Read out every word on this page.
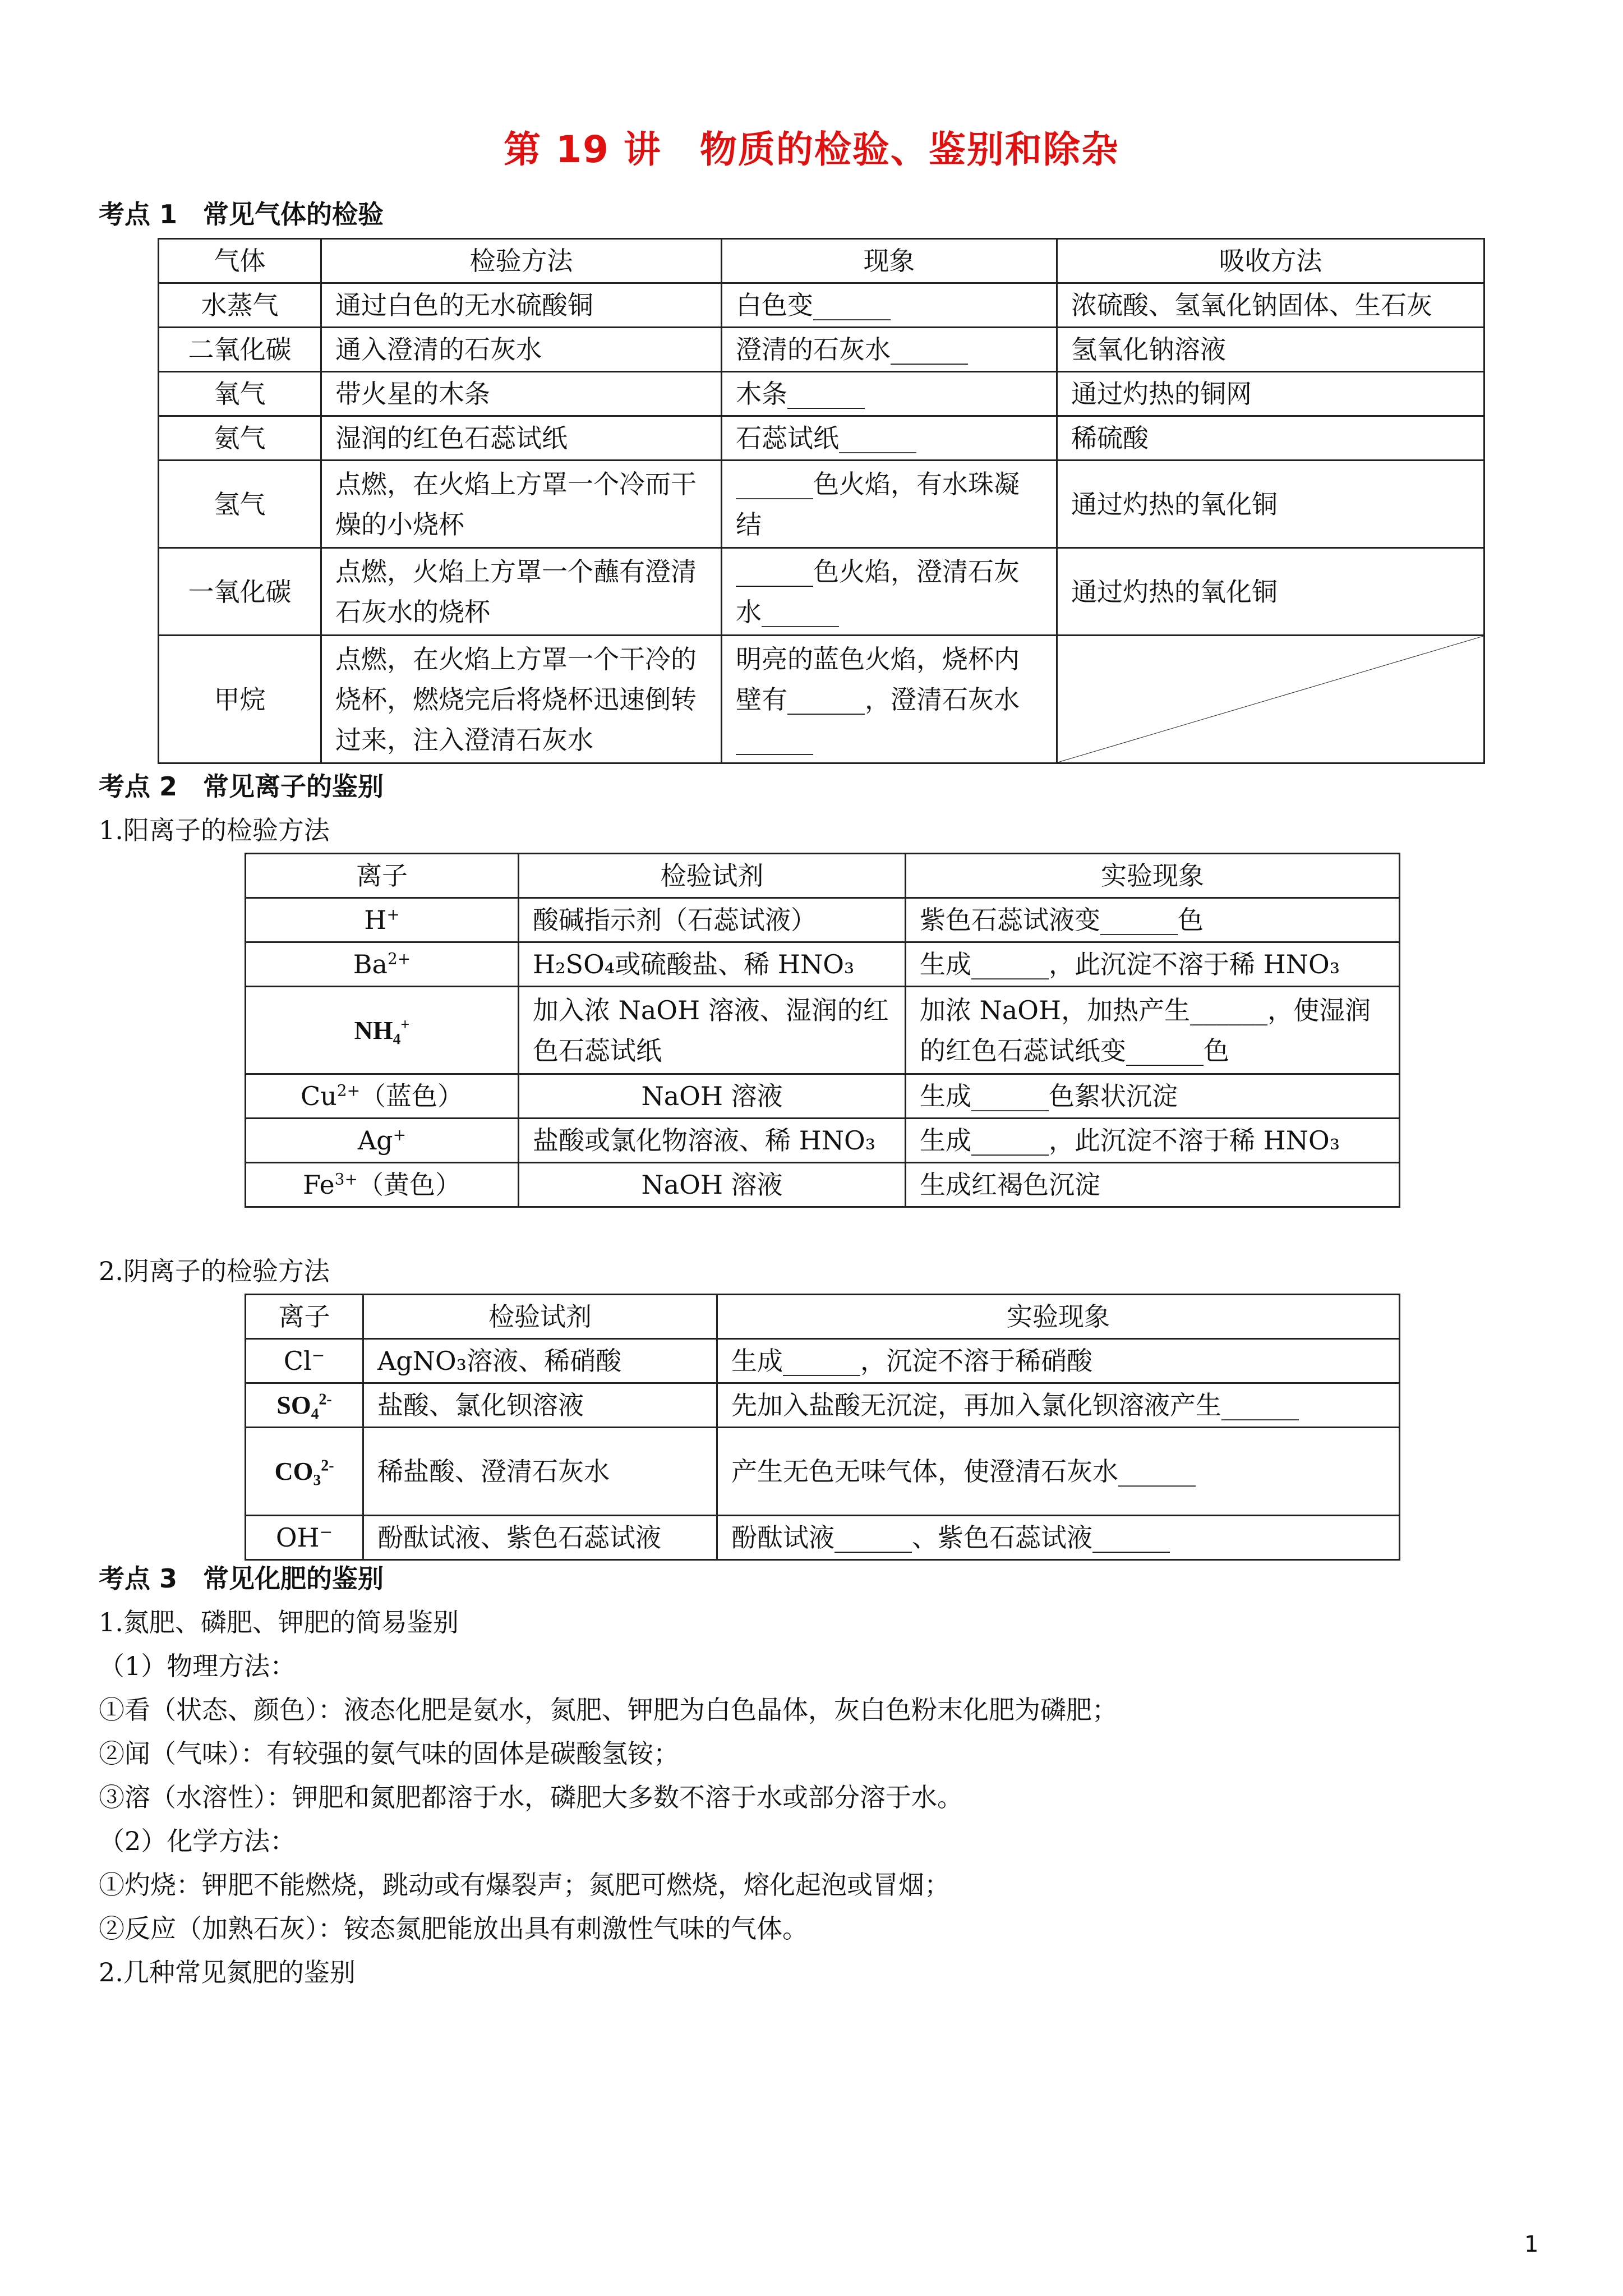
第 19 讲　物质的检验、鉴别和除杂
考点 1　常见气体的检验
气体	检验方法	现象	吸收方法
水蒸气	通过白色的无水硫酸铜	白色变______	浓硫酸、氢氧化钠固体、生石灰
二氧化碳	通入澄清的石灰水	澄清的石灰水______	氢氧化钠溶液
氧气	带火星的木条	木条______	通过灼热的铜网
氨气	湿润的红色石蕊试纸	石蕊试纸______	稀硫酸
氢气	点燃，在火焰上方罩一个冷而干燥的小烧杯	______色火焰，有水珠凝结	通过灼热的氧化铜
一氧化碳	点燃，火焰上方罩一个蘸有澄清石灰水的烧杯	______色火焰，澄清石灰水______	通过灼热的氧化铜
甲烷	点燃，在火焰上方罩一个干冷的烧杯，燃烧完后将烧杯迅速倒转过来，注入澄清石灰水	明亮的蓝色火焰，烧杯内壁有______，澄清石灰水______	
考点 2　常见离子的鉴别
1.阳离子的检验方法
离子	检验试剂	实验现象
H+	酸碱指示剂（石蕊试液）	紫色石蕊试液变______色
$Ba^{2+}$	H₂SO₄或硫酸盐、稀 HNO₃	生成______，此沉淀不溶于稀 HNO₃
NH₄+	加入浓 NaOH 溶液、湿润的红色石蕊试纸	加浓 NaOH，加热产生______，使湿润的红色石蕊试纸变______色
$Cu^{2+}$（蓝色）	NaOH 溶液	生成______色絮状沉淀
Ag+	盐酸或氯化物溶液、稀 HNO₃	生成______，此沉淀不溶于稀 HNO₃
$Fe^{3+}$（黄色）	NaOH 溶液	生成红褐色沉淀
2.阴离子的检验方法
离子	检验试剂	实验现象
Cl−	AgNO₃溶液、稀硝酸	生成______，沉淀不溶于稀硝酸
SO₄$^{2-}$	盐酸、氯化钡溶液	先加入盐酸无沉淀，再加入氯化钡溶液产生______
CO₃$^{2-}$	稀盐酸、澄清石灰水	产生无色无味气体，使澄清石灰水______
OH−	酚酞试液、紫色石蕊试液	酚酞试液______、紫色石蕊试液______
考点 3　常见化肥的鉴别
1.氮肥、磷肥、钾肥的简易鉴别
（1）物理方法：
①看（状态、颜色）：液态化肥是氨水，氮肥、钾肥为白色晶体，灰白色粉末化肥为磷肥；
②闻（气味）：有较强的氨气味的固体是碳酸氢铵；
③溶（水溶性）：钾肥和氮肥都溶于水，磷肥大多数不溶于水或部分溶于水。
（2）化学方法：
①灼烧：钾肥不能燃烧，跳动或有爆裂声；氮肥可燃烧，熔化起泡或冒烟；
②反应（加熟石灰）：铵态氮肥能放出具有刺激性气味的气体。
2.几种常见氮肥的鉴别
1
